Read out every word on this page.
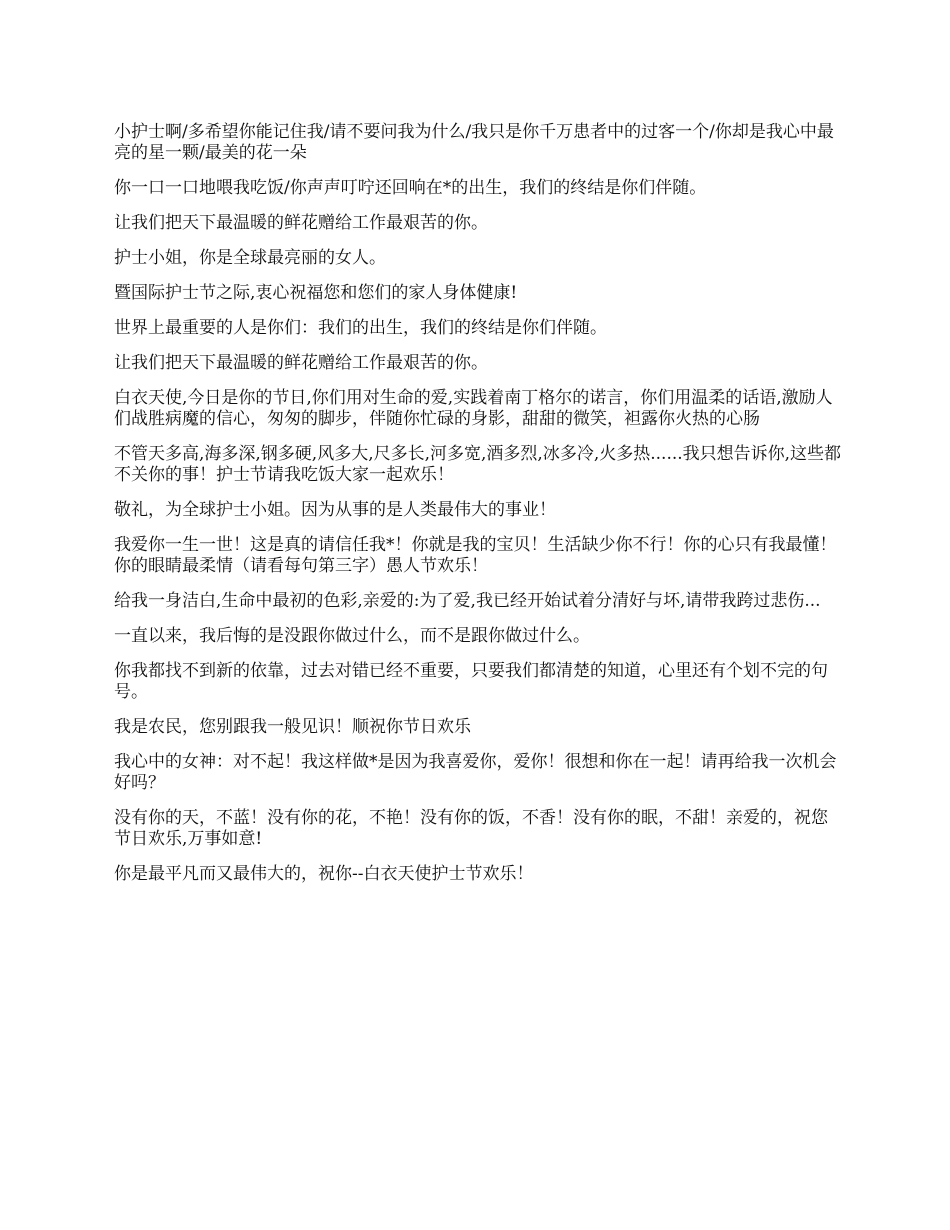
小护士啊/多希望你能记住我/请不要问我为什么/我只是你千万患者中的过客一个/你却是我心中最亮的星一颗/最美的花一朵

你一口一口地喂我吃饭/你声声叮咛还回响在*的出生，我们的终结是你们伴随。

让我们把天下最温暖的鲜花赠给工作最艰苦的你。

护士小姐，你是全球最亮丽的女人。

暨国际护士节之际,衷心祝福您和您们的家人身体健康!

世界上最重要的人是你们：我们的出生，我们的终结是你们伴随。

让我们把天下最温暖的鲜花赠给工作最艰苦的你。

白衣天使,今日是你的节日,你们用对生命的爱,实践着南丁格尔的诺言，你们用温柔的话语,激励人们战胜病魔的信心，匆匆的脚步，伴随你忙碌的身影，甜甜的微笑，袒露你火热的心肠

不管天多高,海多深,钢多硬,风多大,尺多长,河多宽,酒多烈,冰多冷,火多热......我只想告诉你,这些都不关你的事！护士节请我吃饭大家一起欢乐！

敬礼，为全球护士小姐。因为从事的是人类最伟大的事业！

我爱你一生一世！这是真的请信任我*！你就是我的宝贝！生活缺少你不行！你的心只有我最懂！你的眼睛最柔情（请看每句第三字）愚人节欢乐！

给我一身洁白,生命中最初的色彩,亲爱的:为了爱,我已经开始试着分清好与坏,请带我跨过悲伤...

一直以来，我后悔的是没跟你做过什么，而不是跟你做过什么。

你我都找不到新的依靠，过去对错已经不重要，只要我们都清楚的知道，心里还有个划不完的句号。

我是农民，您别跟我一般见识！顺祝你节日欢乐

我心中的女神：对不起！我这样做*是因为我喜爱你，爱你！很想和你在一起！请再给我一次机会好吗？

没有你的天，不蓝！没有你的花，不艳！没有你的饭，不香！没有你的眠，不甜！亲爱的，祝您节日欢乐,万事如意!

你是最平凡而又最伟大的，祝你--白衣天使护士节欢乐！
